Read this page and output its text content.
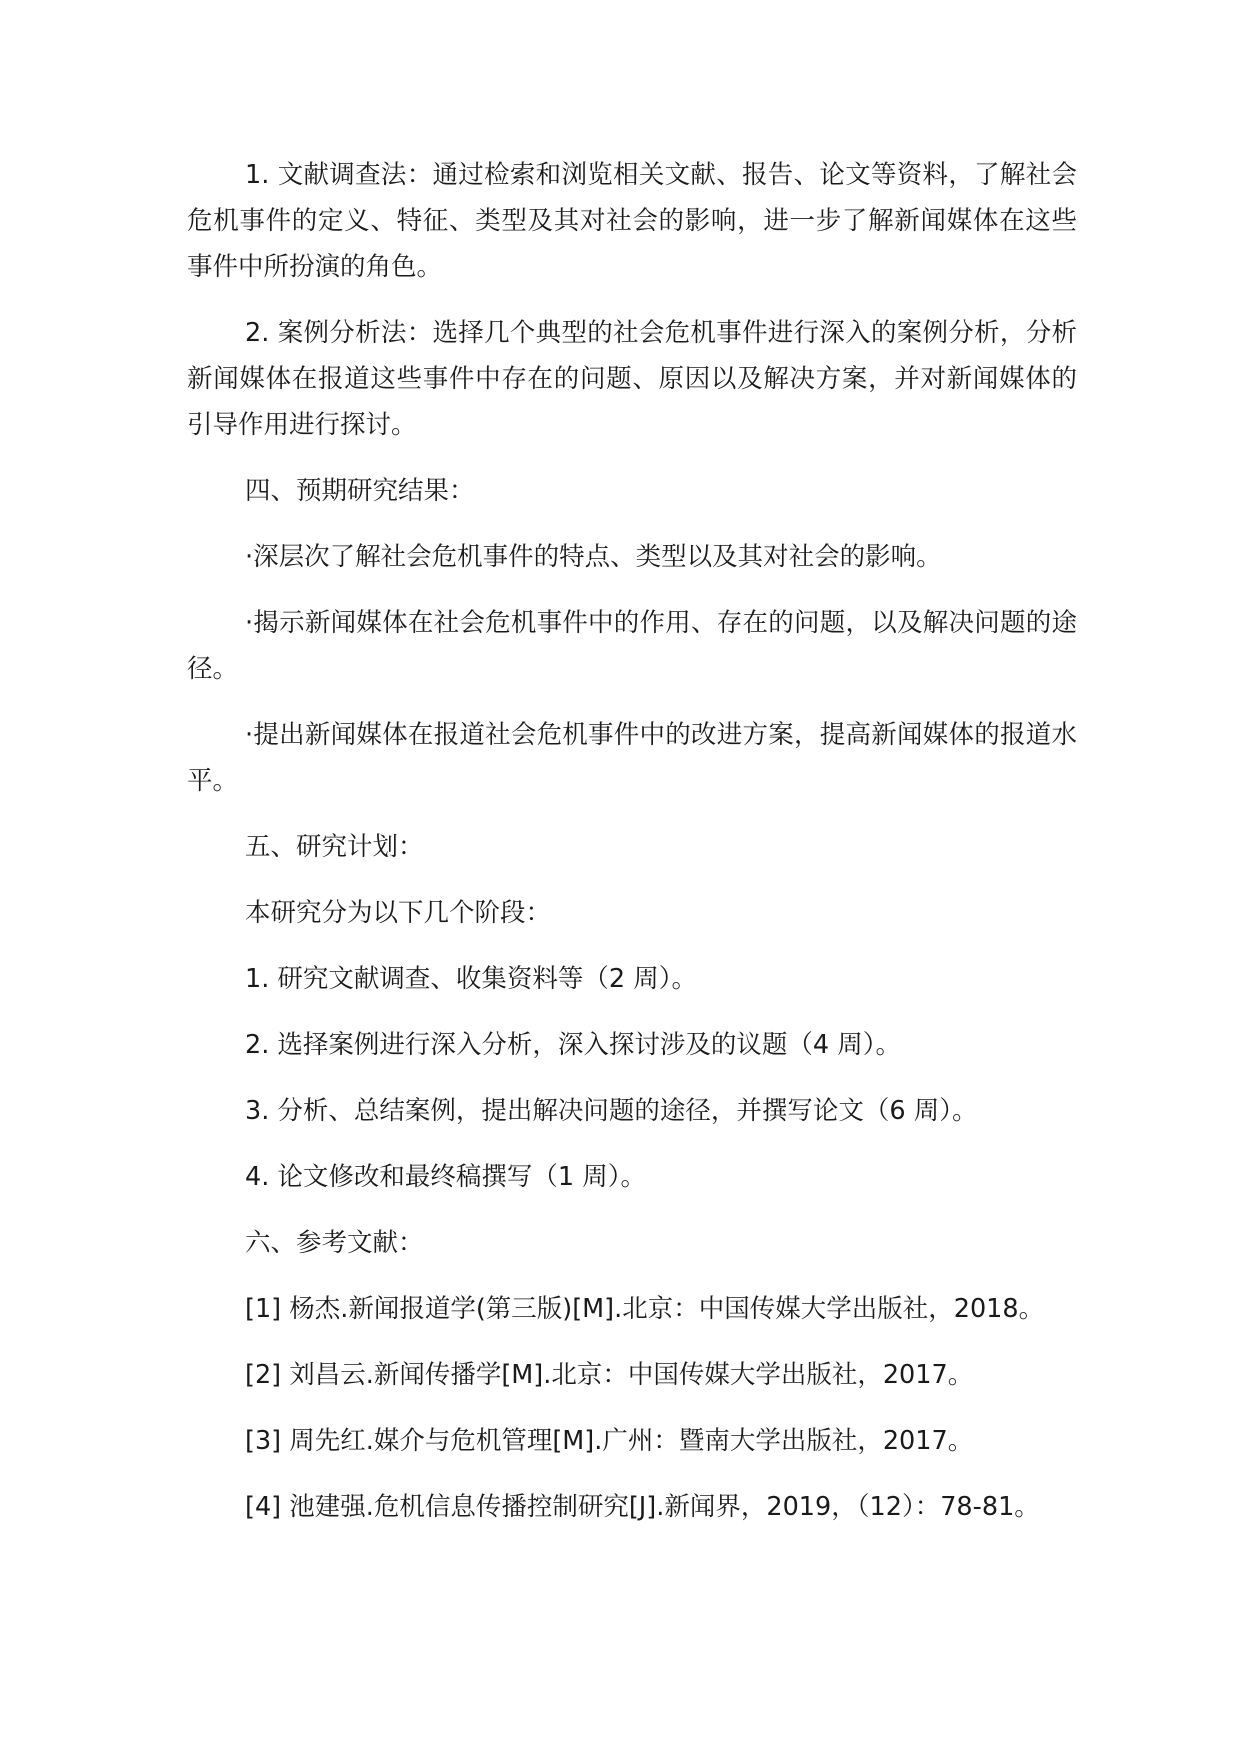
1. 文献调查法：通过检索和浏览相关文献、报告、论文等资料，了解社会危机事件的定义、特征、类型及其对社会的影响，进一步了解新闻媒体在这些事件中所扮演的角色。

2. 案例分析法：选择几个典型的社会危机事件进行深入的案例分析，分析新闻媒体在报道这些事件中存在的问题、原因以及解决方案，并对新闻媒体的引导作用进行探讨。

四、预期研究结果：

·深层次了解社会危机事件的特点、类型以及其对社会的影响。

·揭示新闻媒体在社会危机事件中的作用、存在的问题，以及解决问题的途径。

·提出新闻媒体在报道社会危机事件中的改进方案，提高新闻媒体的报道水平。

五、研究计划：

本研究分为以下几个阶段：

1. 研究文献调查、收集资料等（2 周）。

2. 选择案例进行深入分析，深入探讨涉及的议题（4 周）。

3. 分析、总结案例，提出解决问题的途径，并撰写论文（6 周）。

4. 论文修改和最终稿撰写（1 周）。

六、参考文献：

[1] 杨杰.新闻报道学(第三版)[M].北京：中国传媒大学出版社，2018。

[2] 刘昌云.新闻传播学[M].北京：中国传媒大学出版社，2017。

[3] 周先红.媒介与危机管理[M].广州：暨南大学出版社，2017。

[4] 池建强.危机信息传播控制研究[J].新闻界，2019，（12）：78-81。
